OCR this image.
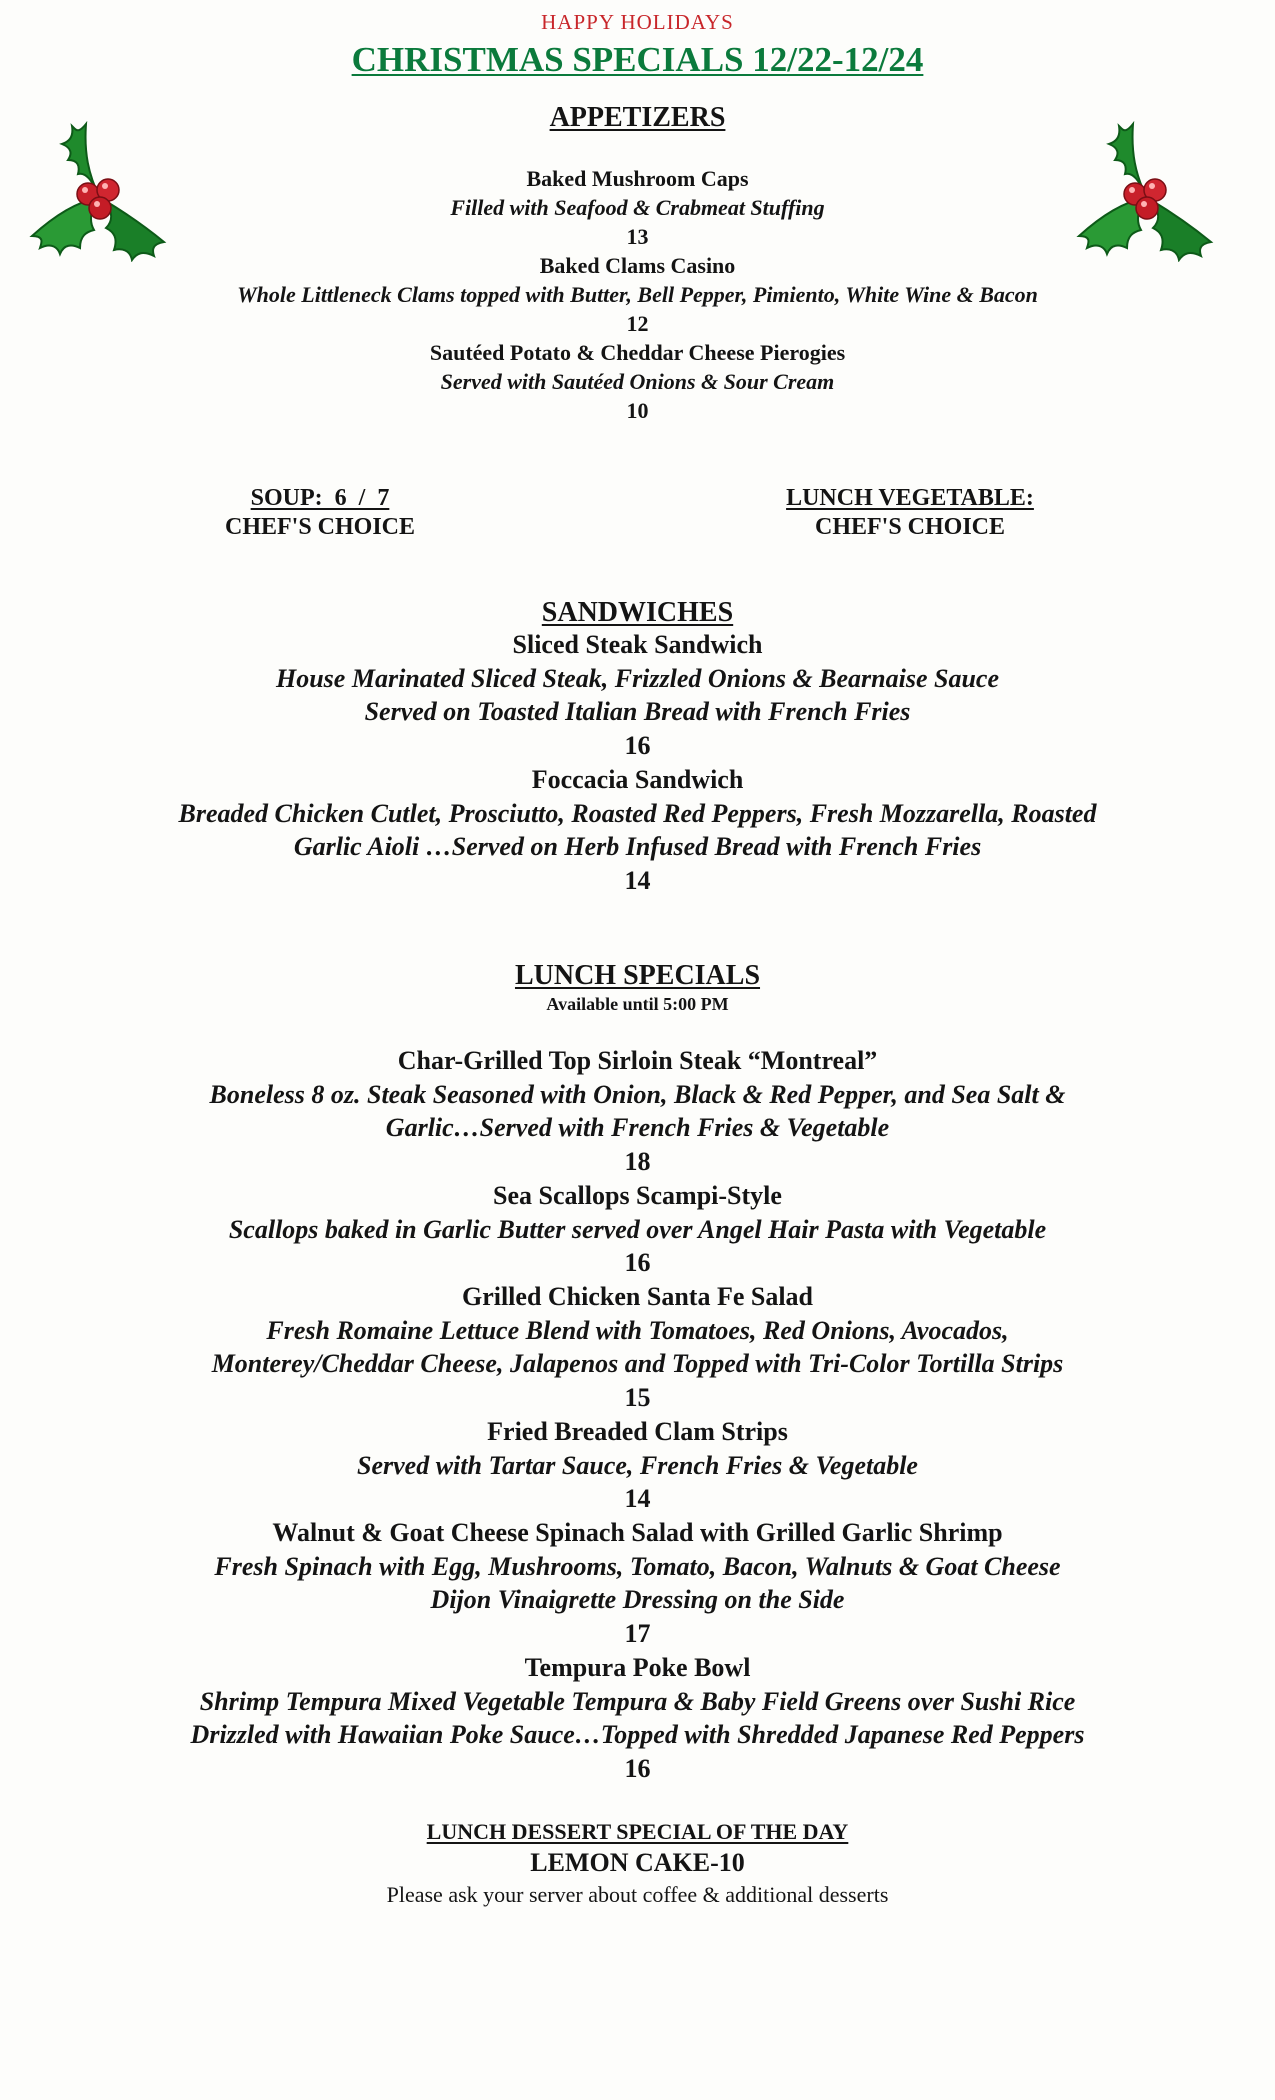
HAPPY HOLIDAYS
CHRISTMAS SPECIALS 12/22-12/24
APPETIZERS
Baked Mushroom Caps
Filled with Seafood & Crabmeat Stuffing
13
Baked Clams Casino
Whole Littleneck Clams topped with Butter, Bell Pepper, Pimiento, White Wine & Bacon
12
Sautéed Potato & Cheddar Cheese Pierogies
Served with Sautéed Onions & Sour Cream
10
SOUP:  6  /  7
CHEF'S CHOICE
LUNCH VEGETABLE:
CHEF'S CHOICE
SANDWICHES
Sliced Steak Sandwich
House Marinated Sliced Steak, Frizzled Onions & Bearnaise Sauce
Served on Toasted Italian Bread with French Fries
16
Foccacia Sandwich
Breaded Chicken Cutlet, Prosciutto, Roasted Red Peppers, Fresh Mozzarella, Roasted
Garlic Aioli …Served on Herb Infused Bread with French Fries
14
LUNCH SPECIALS
Available until 5:00 PM
Char-Grilled Top Sirloin Steak “Montreal”
Boneless 8 oz. Steak Seasoned with Onion, Black & Red Pepper, and Sea Salt &
Garlic…Served with French Fries & Vegetable
18
Sea Scallops Scampi-Style
Scallops baked in Garlic Butter served over Angel Hair Pasta with Vegetable
16
Grilled Chicken Santa Fe Salad
Fresh Romaine Lettuce Blend with Tomatoes, Red Onions, Avocados,
Monterey/Cheddar Cheese, Jalapenos and Topped with Tri-Color Tortilla Strips
15
Fried Breaded Clam Strips
Served with Tartar Sauce, French Fries & Vegetable
14
Walnut & Goat Cheese Spinach Salad with Grilled Garlic Shrimp
Fresh Spinach with Egg, Mushrooms, Tomato, Bacon, Walnuts & Goat Cheese
Dijon Vinaigrette Dressing on the Side
17
Tempura Poke Bowl
Shrimp Tempura Mixed Vegetable Tempura & Baby Field Greens over Sushi Rice
Drizzled with Hawaiian Poke Sauce…Topped with Shredded Japanese Red Peppers
16
LUNCH DESSERT SPECIAL OF THE DAY
LEMON CAKE-10
Please ask your server about coffee & additional desserts
